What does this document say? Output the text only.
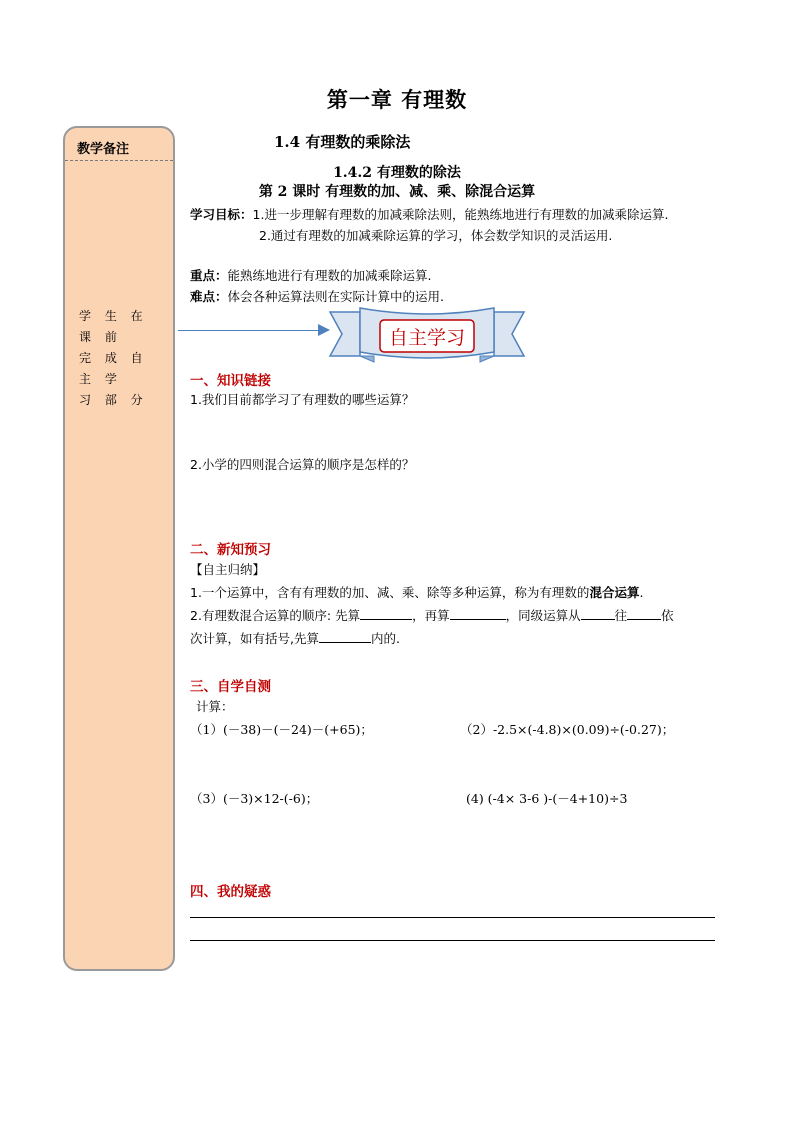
第一章 有理数
教学备注
学 生 在 课 前
完 成 自 主 学
习 部 分
1.4 有理数的乘除法
1.4.2 有理数的除法
第 2 课时 有理数的加、减、乘、除混合运算
学习目标：1.进一步理解有理数的加减乘除法则，能熟练地进行有理数的加减乘除运算.
2.通过有理数的加减乘除运算的学习，体会数学知识的灵活运用.
重点：能熟练地进行有理数的加减乘除运算.
难点：体会各种运算法则在实际计算中的运用.
自主学习
一、知识链接
1.我们目前都学习了有理数的哪些运算？
2.小学的四则混合运算的顺序是怎样的？
二、新知预习
【自主归纳】
1.一个运算中，含有有理数的加、减、乘、除等多种运算，称为有理数的混合运算.
2.有理数混合运算的顺序: 先算	，再算	，同级运算从	往	依
次计算，如有括号,先算	内的.
三、自学自测
计算：
（1）(－38)－(－24)－(+65)；	（2）-2.5×(-4.8)×(0.09)÷(-0.27)；
（3）(－3)×12-(-6)；	(4) (-4× 3-6 )-(－4+10)÷3
四、我的疑惑
